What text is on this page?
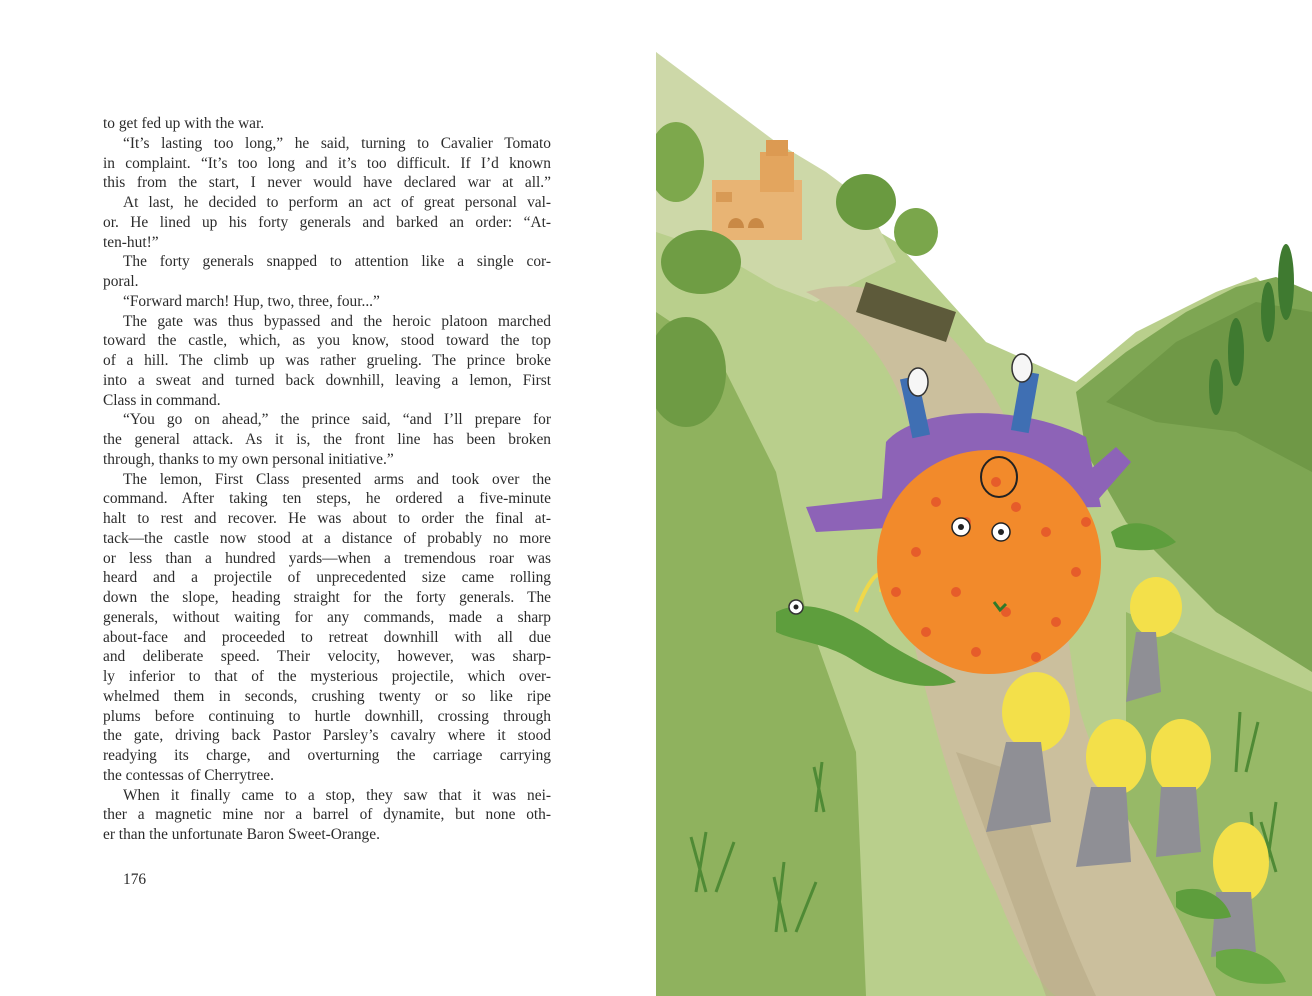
to get fed up with the war.
“It’s lasting too long,” he said, turning to Cavalier Tomato
in complaint. “It’s too long and it’s too difficult. If I’d known
this from the start, I never would have declared war at all.”
At last, he decided to perform an act of great personal val-
or. He lined up his forty generals and barked an order: “At-
ten-hut!”
The forty generals snapped to attention like a single cor-
poral.
“Forward march! Hup, two, three, four...”
The gate was thus bypassed and the heroic platoon marched
toward the castle, which, as you know, stood toward the top
of a hill. The climb up was rather grueling. The prince broke
into a sweat and turned back downhill, leaving a lemon, First
Class in command.
“You go on ahead,” the prince said, “and I’ll prepare for
the general attack. As it is, the front line has been broken
through, thanks to my own personal initiative.”
The lemon, First Class presented arms and took over the
command. After taking ten steps, he ordered a five-minute
halt to rest and recover. He was about to order the final at-
tack—the castle now stood at a distance of probably no more
or less than a hundred yards—when a tremendous roar was
heard and a projectile of unprecedented size came rolling
down the slope, heading straight for the forty generals. The
generals, without waiting for any commands, made a sharp
about-face and proceeded to retreat downhill with all due
and deliberate speed. Their velocity, however, was sharp-
ly inferior to that of the mysterious projectile, which over-
whelmed them in seconds, crushing twenty or so like ripe
plums before continuing to hurtle downhill, crossing through
the gate, driving back Pastor Parsley’s cavalry where it stood
readying its charge, and overturning the carriage carrying
the contessas of Cherrytree.
When it finally came to a stop, they saw that it was nei-
ther a magnetic mine nor a barrel of dynamite, but none oth-
er than the unfortunate Baron Sweet-Orange.
176
